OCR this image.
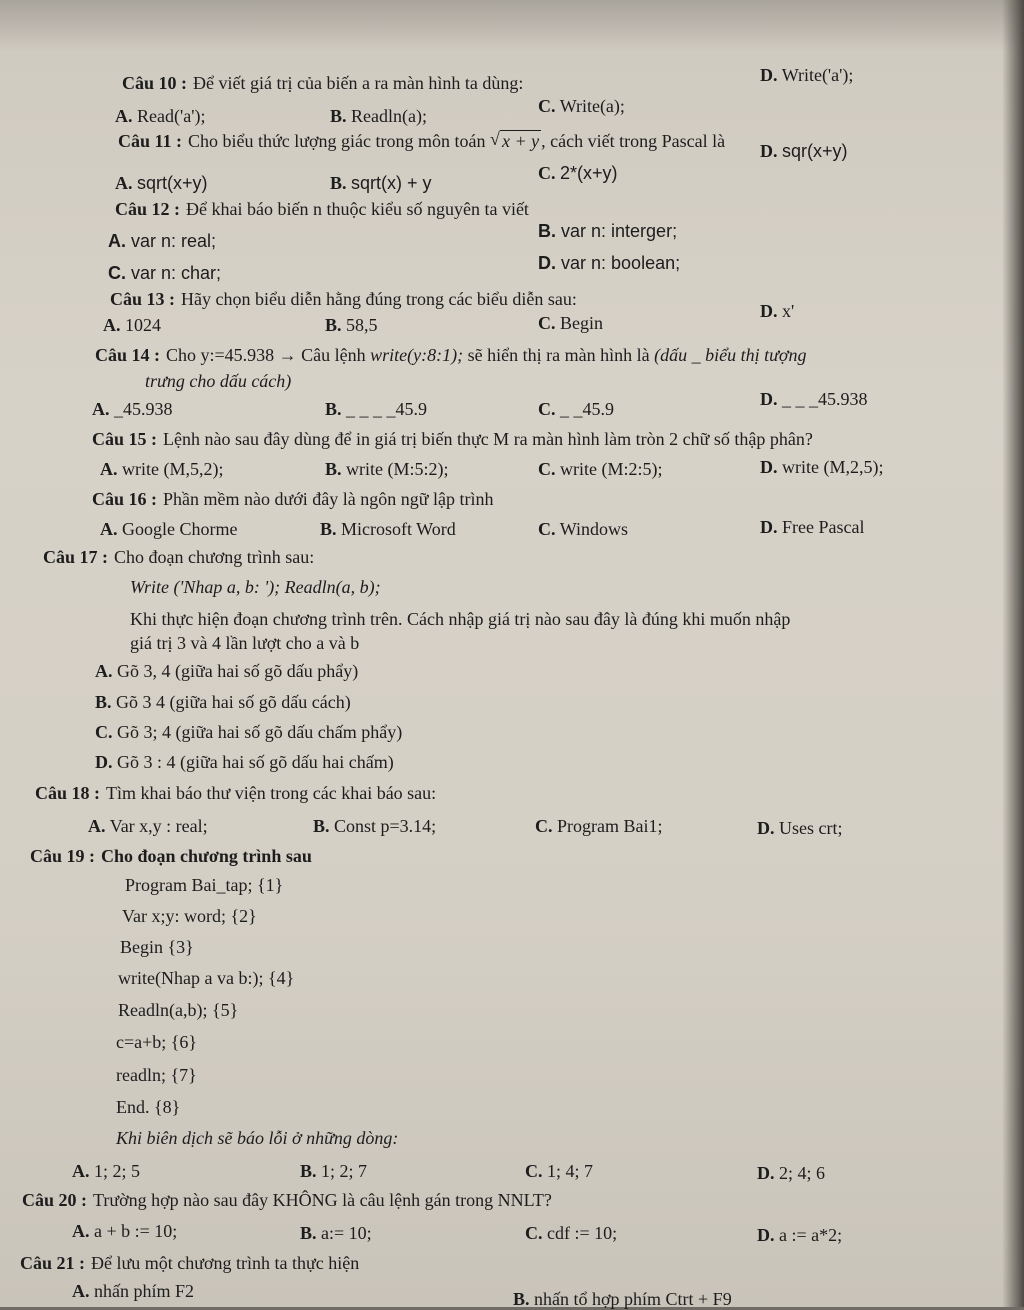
Câu 10 : Để viết giá trị của biến a ra màn hình ta dùng:	D. Write('a');
A. Read('a');	B. Readln(a);	C. Write(a);
Câu 11 : Cho biểu thức lượng giác trong môn toán √ x + y , cách viết trong Pascal là D. sqr(x+y)
A. sqrt(x+y)	B. sqrt(x) + y	C. 2*(x+y)
Câu 12 : Để khai báo biến n thuộc kiểu số nguyên ta viết
A. var n: real;	B. var n: interger;
C. var n: char;	D. var n: boolean;
Câu 13 : Hãy chọn biểu diễn hằng đúng trong các biểu diễn sau:
A. 1024	B. 58,5	C. Begin
D. x'
Câu 14 : Cho y:=45.938 → Câu lệnh write(y:8:1); sẽ hiển thị ra màn hình là (dấu _ biểu thị tượng
trưng cho dấu cách)
A. _45.938	B. _ _ _ _45.9	C. _ _45.9	D. _ _ _45.938
Câu 15 : Lệnh nào sau đây dùng để in giá trị biến thực M ra màn hình làm tròn 2 chữ số thập phân?
A. write (M,5,2);	B. write (M:5:2);	C. write (M:2:5);	D. write (M,2,5);
Câu 16 : Phần mềm nào dưới đây là ngôn ngữ lập trình
A. Google Chorme	B. Microsoft Word	C. Windows	D. Free Pascal
Câu 17 : Cho đoạn chương trình sau:
Write ('Nhap a, b: '); Readln(a, b);
Khi thực hiện đoạn chương trình trên. Cách nhập giá trị nào sau đây là đúng khi muốn nhập
giá trị 3 và 4 lần lượt cho a và b
A. Gõ 3, 4 (giữa hai số gõ dấu phẩy)
B. Gõ 3 4 (giữa hai số gõ dấu cách)
C. Gõ 3; 4 (giữa hai số gõ dấu chấm phẩy)
D. Gõ 3 : 4 (giữa hai số gõ dấu hai chấm)
Câu 18 : Tìm khai báo thư viện trong các khai báo sau:
A. Var x,y : real;	B. Const p=3.14;	C. Program Bai1;	D. Uses crt;
Câu 19 : Cho đoạn chương trình sau
Program Bai_tap; {1}
Var x;y: word; {2}
Begin {3}
write(Nhap a va b:); {4}
Readln(a,b); {5}
c=a+b; {6}
readln; {7}
End. {8}
Khi biên dịch sẽ báo lỗi ở những dòng:
A. 1; 2; 5	B. 1; 2; 7	C. 1; 4; 7	D. 2; 4; 6
Câu 20 : Trường hợp nào sau đây KHÔNG là câu lệnh gán trong NNLT?
A. a + b := 10;	B. a:= 10;	C. cdf := 10;	D. a := a*2;
Câu 21 : Để lưu một chương trình ta thực hiện
A. nhấn phím F2	B. nhấn tổ hợp phím Ctrt + F9
